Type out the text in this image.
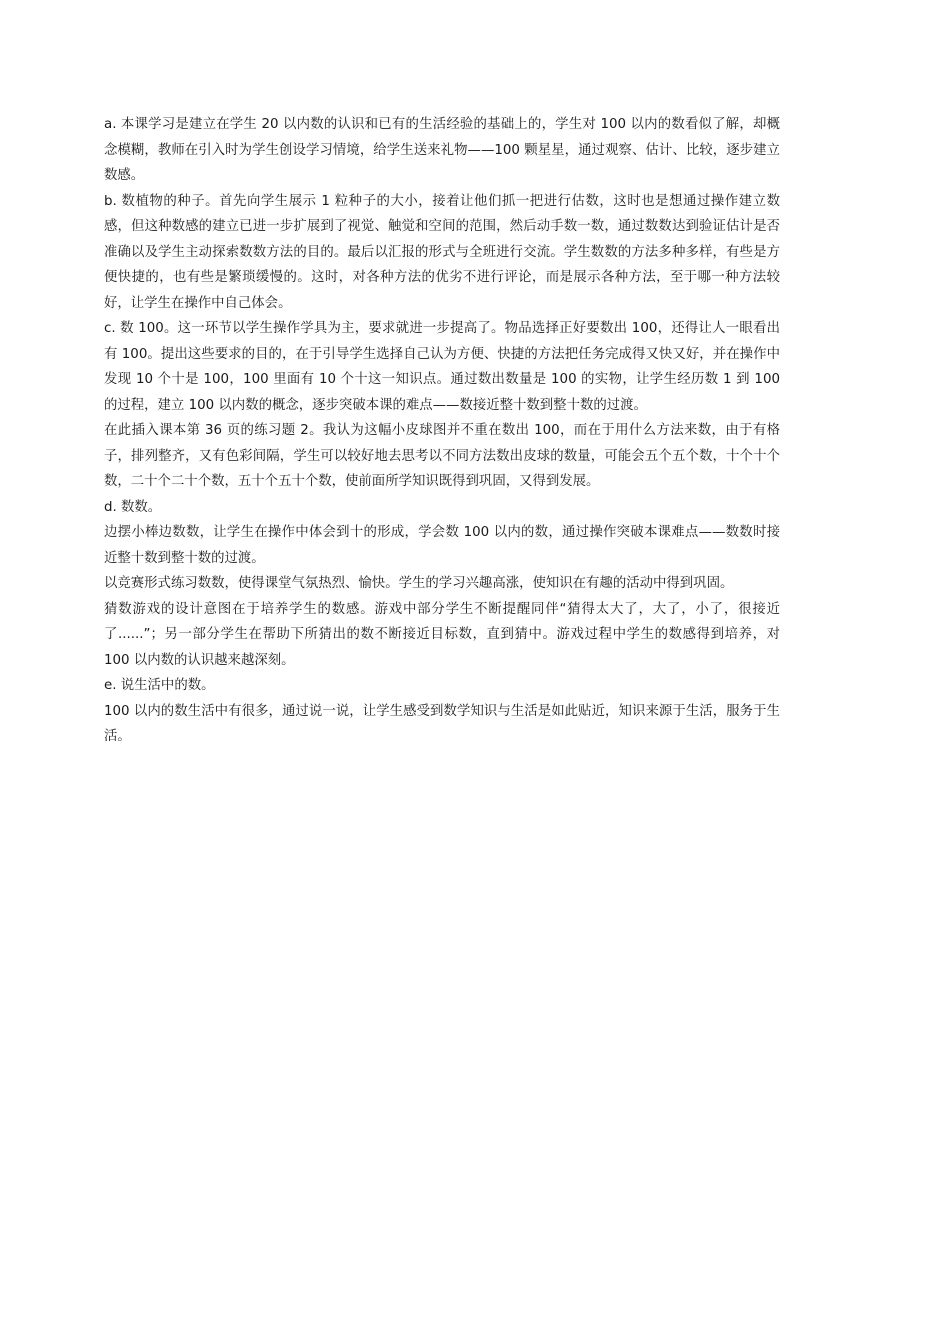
a. 本课学习是建立在学生 20 以内数的认识和已有的生活经验的基础上的，学生对 100 以内的数看似了解，却概念模糊，教师在引入时为学生创设学习情境，给学生送来礼物——100 颗星星，通过观察、估计、比较，逐步建立数感。

b. 数植物的种子。首先向学生展示 1 粒种子的大小，接着让他们抓一把进行估数，这时也是想通过操作建立数感，但这种数感的建立已进一步扩展到了视觉、触觉和空间的范围，然后动手数一数，通过数数达到验证估计是否准确以及学生主动探索数数方法的目的。最后以汇报的形式与全班进行交流。学生数数的方法多种多样，有些是方便快捷的，也有些是繁琐缓慢的。这时，对各种方法的优劣不进行评论，而是展示各种方法，至于哪一种方法较好，让学生在操作中自己体会。

c. 数 100。这一环节以学生操作学具为主，要求就进一步提高了。物品选择正好要数出 100，还得让人一眼看出有 100。提出这些要求的目的，在于引导学生选择自己认为方便、快捷的方法把任务完成得又快又好，并在操作中发现 10 个十是 100，100 里面有 10 个十这一知识点。通过数出数量是 100 的实物，让学生经历数 1 到 100 的过程，建立 100 以内数的概念，逐步突破本课的难点——数接近整十数到整十数的过渡。

在此插入课本第 36 页的练习题 2。我认为这幅小皮球图并不重在数出 100，而在于用什么方法来数，由于有格子，排列整齐，又有色彩间隔，学生可以较好地去思考以不同方法数出皮球的数量，可能会五个五个数，十个十个数，二十个二十个数，五十个五十个数，使前面所学知识既得到巩固，又得到发展。

d. 数数。

边摆小棒边数数，让学生在操作中体会到十的形成，学会数 100 以内的数，通过操作突破本课难点——数数时接近整十数到整十数的过渡。

以竞赛形式练习数数，使得课堂气氛热烈、愉快。学生的学习兴趣高涨，使知识在有趣的活动中得到巩固。

猜数游戏的设计意图在于培养学生的数感。游戏中部分学生不断提醒同伴“猜得太大了，大了，小了，很接近了......”；另一部分学生在帮助下所猜出的数不断接近目标数，直到猜中。游戏过程中学生的数感得到培养，对 100 以内数的认识越来越深刻。

e. 说生活中的数。

100 以内的数生活中有很多，通过说一说，让学生感受到数学知识与生活是如此贴近，知识来源于生活，服务于生活。
